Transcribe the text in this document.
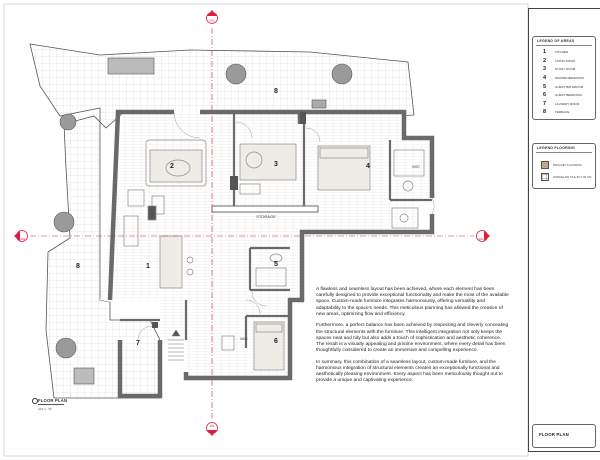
A01
A01
A01	A01
1
2	3	4
5
6
7
8
8
STORAGE
W/C
W/C
FLOOR PLAN
A01 1 : 50

A flawless and seamless layout has been achieved, where each element has been carefully designed to provide exceptional functionality and make the most of the available space. Custom-made furniture integrates harmoniously, offering versatility and adaptability to the space's needs. This meticulous planning has allowed the creation of new areas, optimizing flow and efficiency.

Furthermore, a perfect balance has been achieved by respecting and cleverly concealing the structural elements with the furniture. This intelligent integration not only keeps the spaces neat and tidy but also adds a touch of sophistication and aesthetic coherence. The result is a visually appealing and pristine environment, where every detail has been thoughtfully considered to create an immersive and compelling experience.

In summary, this combination of a seamless layout, custom-made furniture, and the harmonious integration of structural elements creates an exceptionally functional and aesthetically pleasing environment. Every aspect has been meticulously thought out to provide a unique and captivating experience.

LEGEND OF AREAS
1	KITCHEN
2	LIVING ROOM
3	STUDY ROOM
4	MASTER BEDROOM
5	GUEST BATHROOM
6	GUEST BEDROOM
7	LAUNDRY ROOM
8	TERRACE
LEGEND FLOORING
PARQUET FLOORING
PORCELAIN TILE 60 X 60 CM
FLOOR PLAN
